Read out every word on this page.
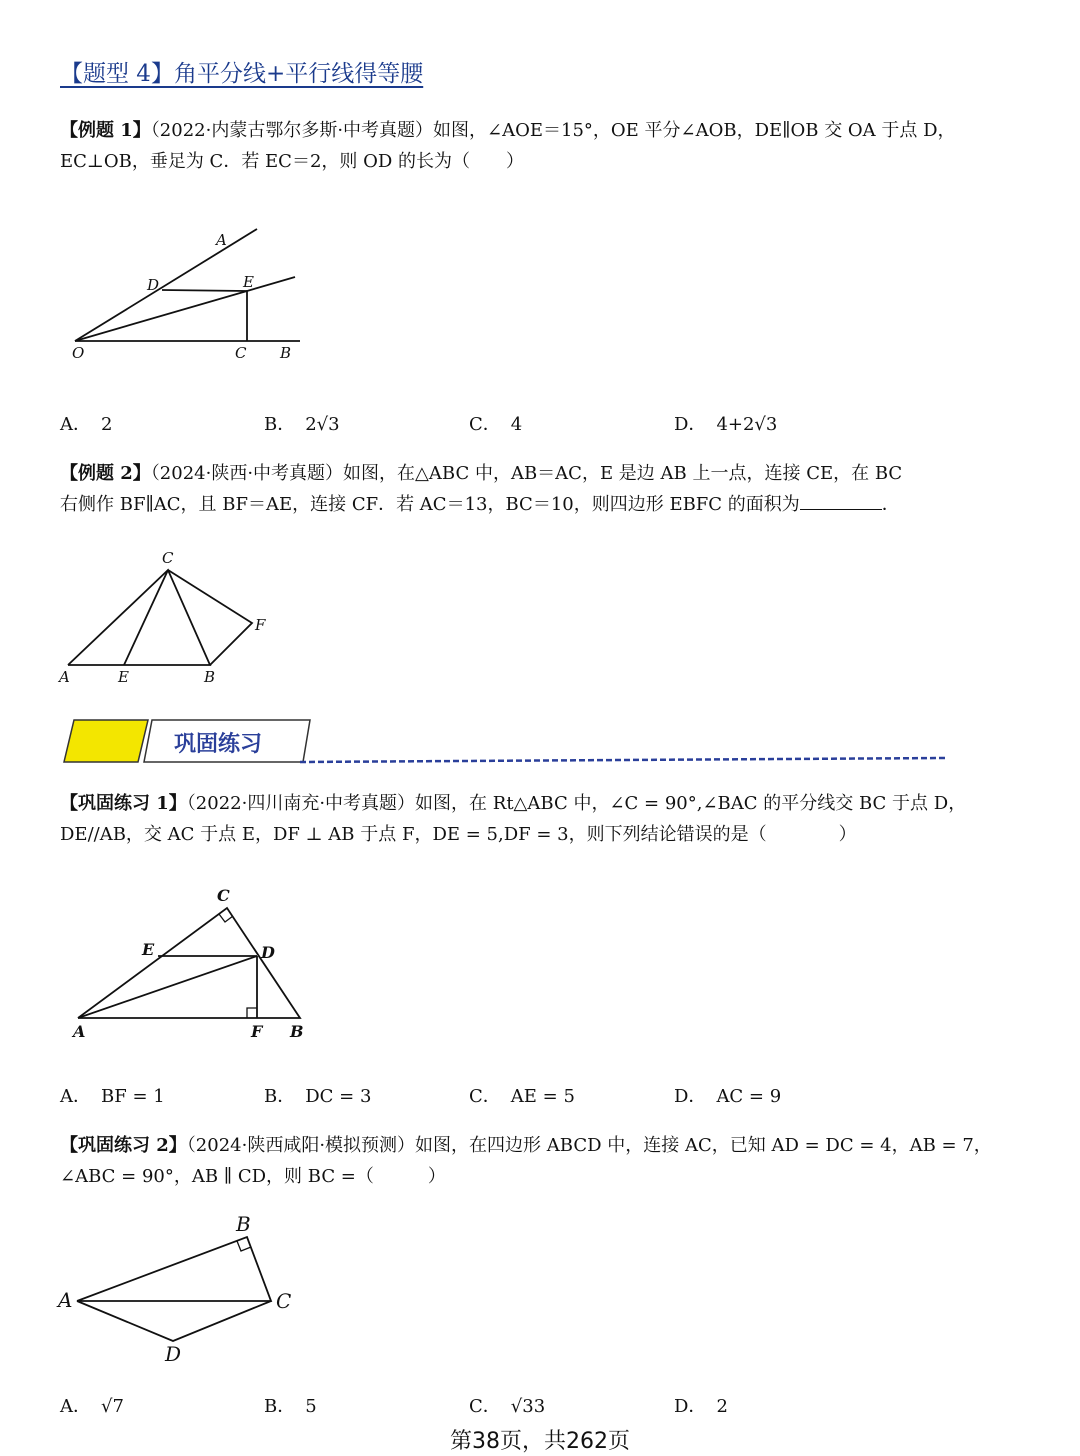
【题型 4】角平分线+平行线得等腰
【例题 1】（2022·内蒙古鄂尔多斯·中考真题）如图，∠AOE＝15°，OE 平分∠AOB，DE∥OB 交 OA 于点 D，EC⊥OB，垂足为 C．若 EC＝2，则 OD 的长为（　　）
A
D	E
O	C B
A． 2	B． 2√3	C． 4	D． 4+2√3
【例题 2】（2024·陕西·中考真题）如图，在△ABC 中，AB＝AC，E 是边 AB 上一点，连接 CE，在 BC
右侧作 BF∥AC，且 BF＝AE，连接 CF．若 AC＝13，BC＝10，则四边形 EBFC 的面积为	．
C
F
A	E	B
巩固练习
【巩固练习 1】（2022·四川南充·中考真题）如图，在 Rt△ABC 中，∠C = 90°,∠BAC 的平分线交 BC 于点 D，DE//AB，交 AC 于点 E，DF ⊥ AB 于点 F，DE = 5,DF = 3，则下列结论错误的是（　　　　）
C
E	D
A	F B
A． BF = 1	B． DC = 3	C． AE = 5	D． AC = 9
【巩固练习 2】（2024·陕西咸阳·模拟预测）如图，在四边形 ABCD 中，连接 AC，已知 AD = DC = 4，AB = 7，∠ABC = 90°，AB ∥ CD，则 BC =（　　　）
B
A	C
D
A． √7	B． 5	C． √33	D． 2
第38页，共262页
